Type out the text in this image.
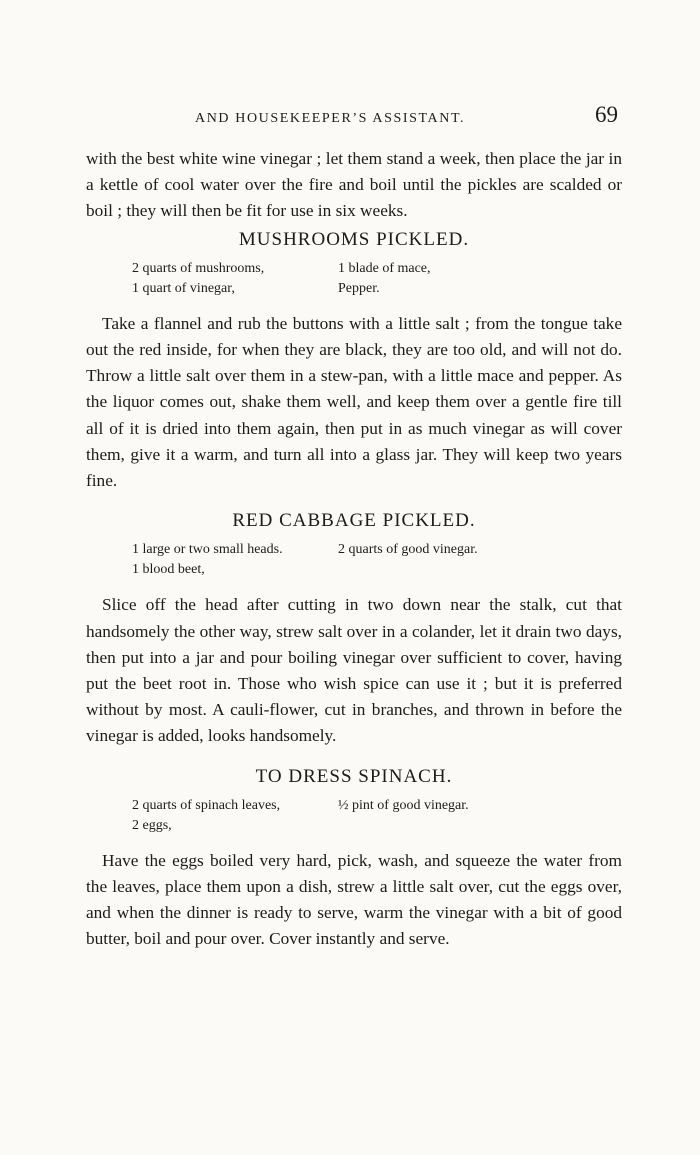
AND HOUSEKEEPER’S ASSISTANT.	69

with the best white wine vinegar ; let them stand a week, then place the jar in a kettle of cool water over the fire and boil until the pickles are scalded or boil ; they will then be fit for use in six weeks.

MUSHROOMS PICKLED.
2 quarts of mushrooms,	1 blade of mace,
1 quart of vinegar,	Pepper.

Take a flannel and rub the buttons with a little salt ; from the tongue take out the red inside, for when they are black, they are too old, and will not do. Throw a little salt over them in a stew-pan, with a little mace and pepper. As the liquor comes out, shake them well, and keep them over a gentle fire till all of it is dried into them again, then put in as much vinegar as will cover them, give it a warm, and turn all into a glass jar. They will keep two years fine.

RED CABBAGE PICKLED.
1 large or two small heads.	2 quarts of good vinegar.
1 blood beet,

Slice off the head after cutting in two down near the stalk, cut that handsomely the other way, strew salt over in a colander, let it drain two days, then put into a jar and pour boiling vinegar over sufficient to cover, having put the beet root in. Those who wish spice can use it ; but it is preferred without by most. A cauli-flower, cut in branches, and thrown in before the vinegar is added, looks handsomely.

TO DRESS SPINACH.
2 quarts of spinach leaves,	½ pint of good vinegar.
2 eggs,

Have the eggs boiled very hard, pick, wash, and squeeze the water from the leaves, place them upon a dish, strew a little salt over, cut the eggs over, and when the dinner is ready to serve, warm the vinegar with a bit of good butter, boil and pour over. Cover instantly and serve.
